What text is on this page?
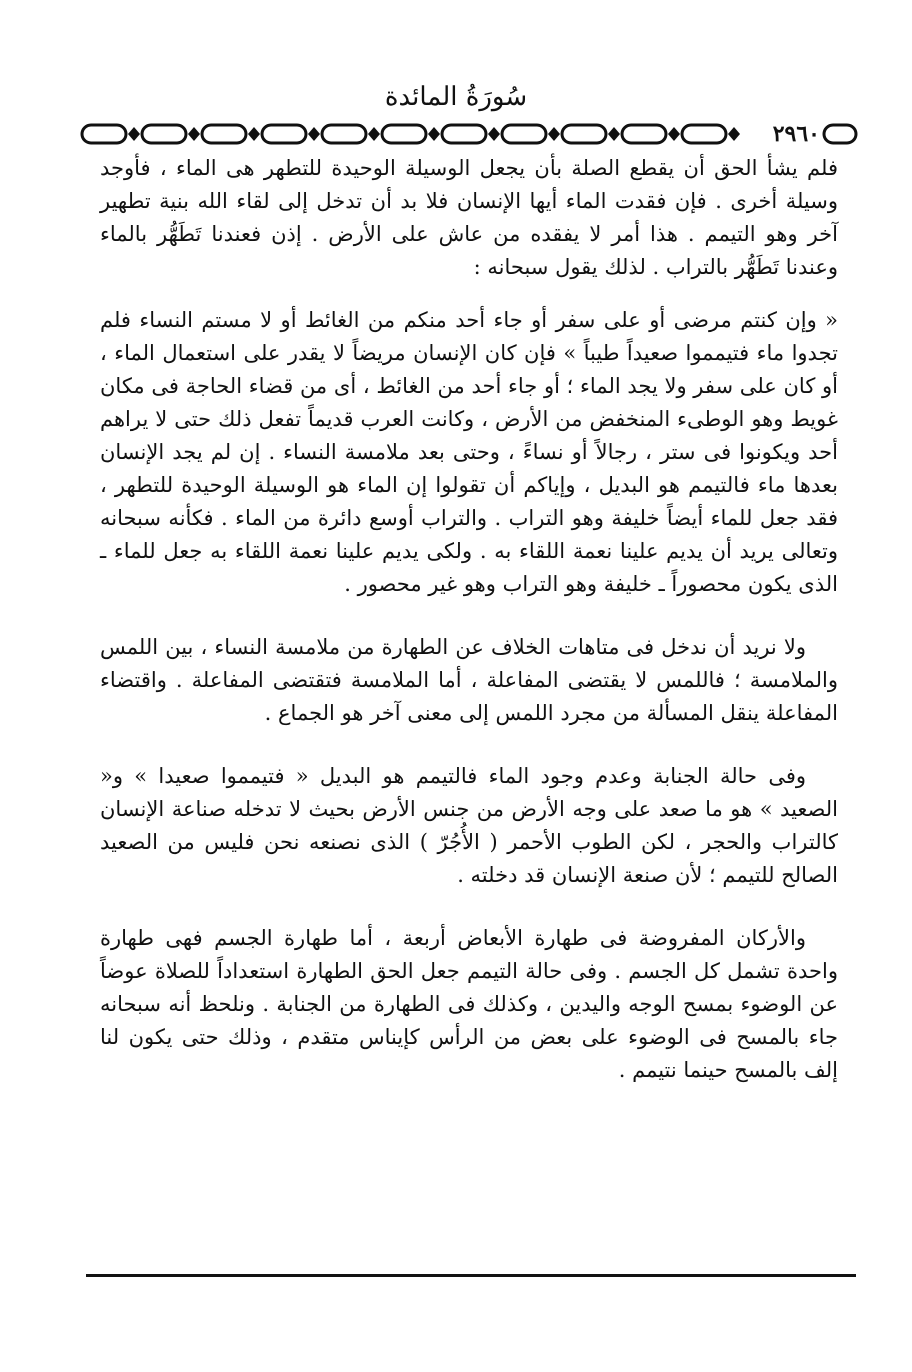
سُورَةُ المائدة
٢٩٦٠

فلم يشأ الحق أن يقطع الصلة بأن يجعل الوسيلة الوحيدة للتطهر هى الماء ، فأوجد وسيلة أخرى . فإن فقدت الماء أيها الإنسان فلا بد أن تدخل إلى لقاء الله بنية تطهير آخر وهو التيمم . هذا أمر لا يفقده من عاش على الأرض . إذن فعندنا تَطَهُّر بالماء وعندنا تَطَهُّر بالتراب . لذلك يقول سبحانه :

« وإن كنتم مرضى أو على سفر أو جاء أحد منكم من الغائط أو لا مستم النساء فلم تجدوا ماء فتيمموا صعيداً طيباً » فإن كان الإنسان مريضاً لا يقدر على استعمال الماء ، أو كان على سفر ولا يجد الماء ؛ أو جاء أحد من الغائط ، أى من قضاء الحاجة فى مكان غويط وهو الوطىء المنخفض من الأرض ، وكانت العرب قديماً تفعل ذلك حتى لا يراهم أحد ويكونوا فى ستر ، رجالاً أو نساءً ، وحتى بعد ملامسة النساء . إن لم يجد الإنسان بعدها ماء فالتيمم هو البديل ، وإياكم أن تقولوا إن الماء هو الوسيلة الوحيدة للتطهر ، فقد جعل للماء أيضاً خليفة وهو التراب . والتراب أوسع دائرة من الماء . فكأنه سبحانه وتعالى يريد أن يديم علينا نعمة اللقاء به . ولكى يديم علينا نعمة اللقاء به جعل للماء ـ الذى يكون محصوراً ـ خليفة وهو التراب وهو غير محصور .

ولا نريد أن ندخل فى متاهات الخلاف عن الطهارة من ملامسة النساء ، بين اللمس والملامسة ؛ فاللمس لا يقتضى المفاعلة ، أما الملامسة فتقتضى المفاعلة . واقتضاء المفاعلة ينقل المسألة من مجرد اللمس إلى معنى آخر هو الجماع .

وفى حالة الجنابة وعدم وجود الماء فالتيمم هو البديل « فتيمموا صعيدا » و« الصعيد » هو ما صعد على وجه الأرض من جنس الأرض بحيث لا تدخله صناعة الإنسان كالتراب والحجر ، لكن الطوب الأحمر ( الأُجُرّ ) الذى نصنعه نحن فليس من الصعيد الصالح للتيمم ؛ لأن صنعة الإنسان قد دخلته .

والأركان المفروضة فى طهارة الأبعاض أربعة ، أما طهارة الجسم فهى طهارة واحدة تشمل كل الجسم . وفى حالة التيمم جعل الحق الطهارة استعداداً للصلاة عوضاً عن الوضوء بمسح الوجه واليدين ، وكذلك فى الطهارة من الجنابة . ونلحظ أنه سبحانه جاء بالمسح فى الوضوء على بعض من الرأس كإيناس متقدم ، وذلك حتى يكون لنا إلف بالمسح حينما نتيمم .
